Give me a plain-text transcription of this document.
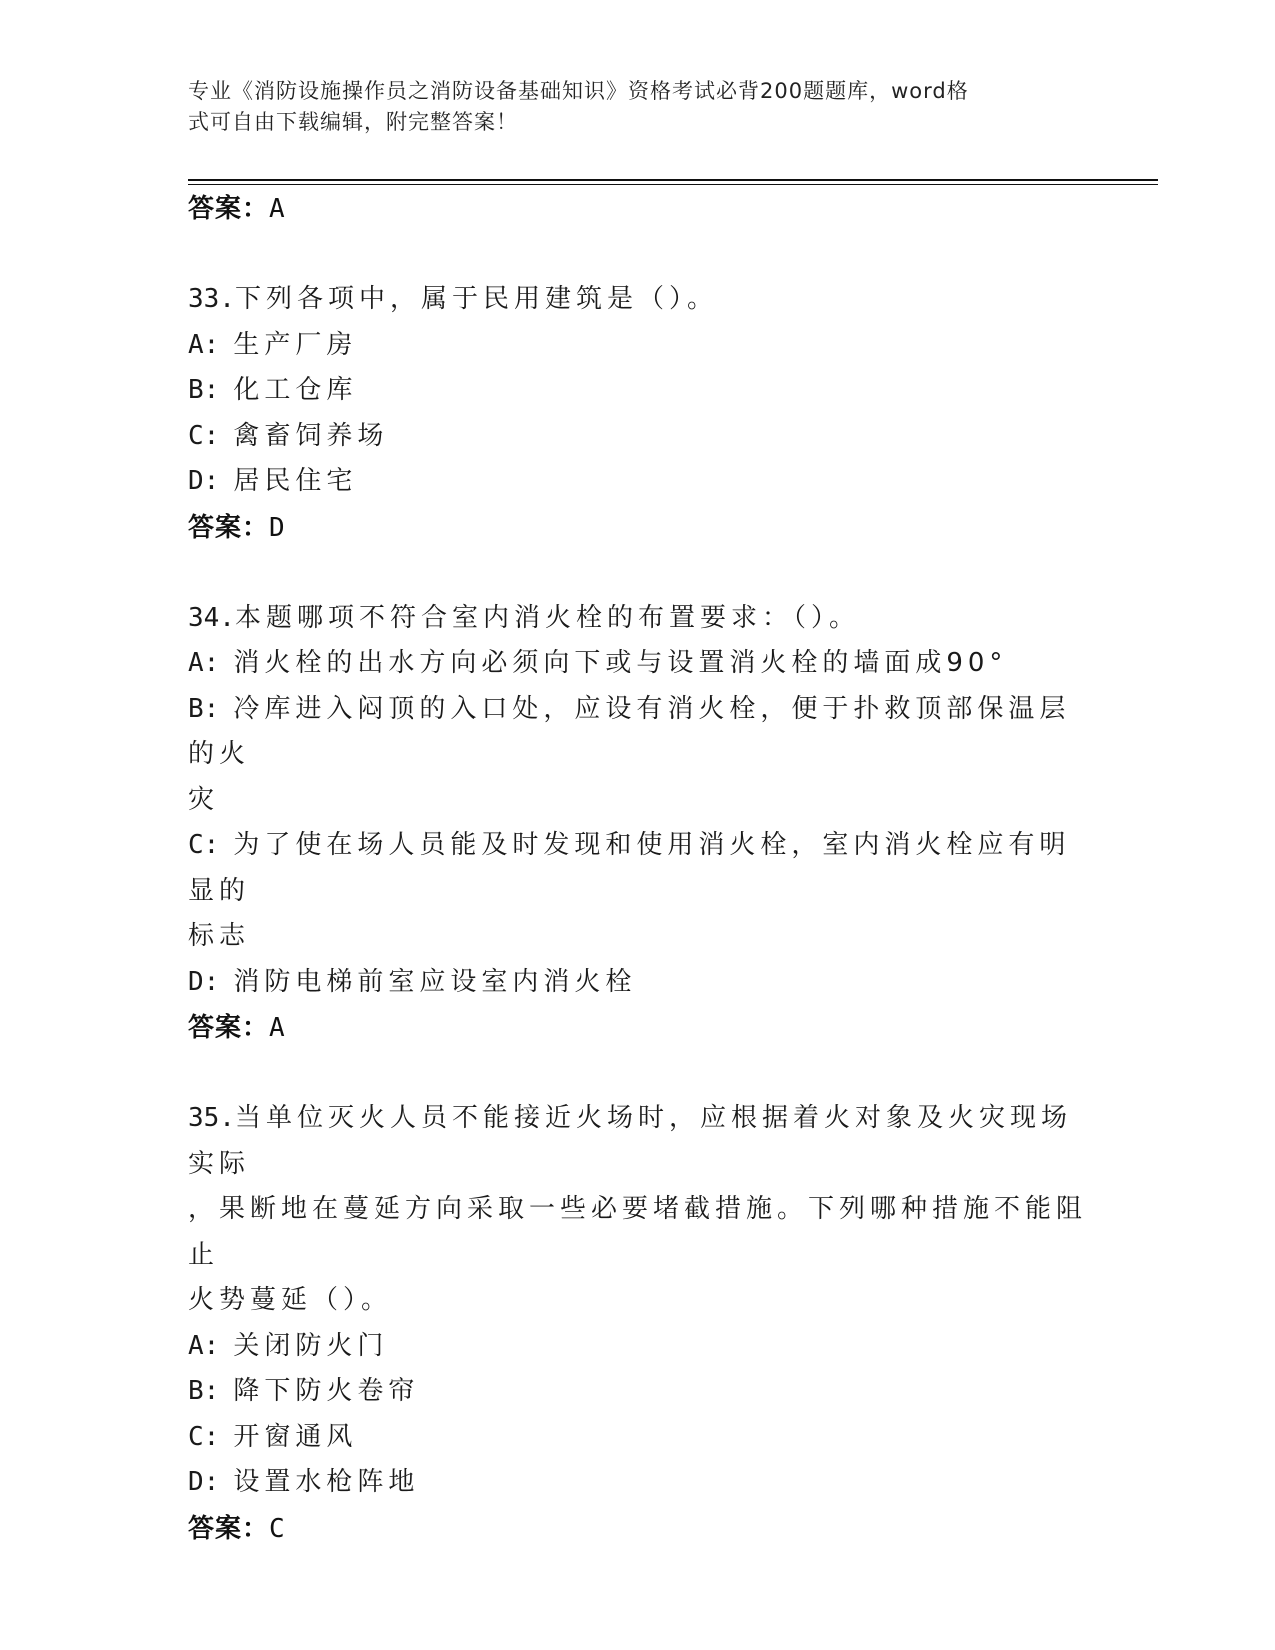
专业《消防设施操作员之消防设备基础知识》资格考试必背200题题库，word格
式可自由下载编辑，附完整答案！
答案：A
33.下列各项中，属于民用建筑是（）。
A: 生产厂房
B: 化工仓库
C: 禽畜饲养场
D: 居民住宅
答案：D
34.本题哪项不符合室内消火栓的布置要求：（）。
A: 消火栓的出水方向必须向下或与设置消火栓的墙面成90°
B: 冷库进入闷顶的入口处，应设有消火栓，便于扑救顶部保温层的火
灾
C: 为了使在场人员能及时发现和使用消火栓，室内消火栓应有明显的
标志
D: 消防电梯前室应设室内消火栓
答案：A
35.当单位灭火人员不能接近火场时，应根据着火对象及火灾现场实际
，果断地在蔓延方向采取一些必要堵截措施。下列哪种措施不能阻止
火势蔓延（）。
A: 关闭防火门
B: 降下防火卷帘
C: 开窗通风
D: 设置水枪阵地
答案：C
